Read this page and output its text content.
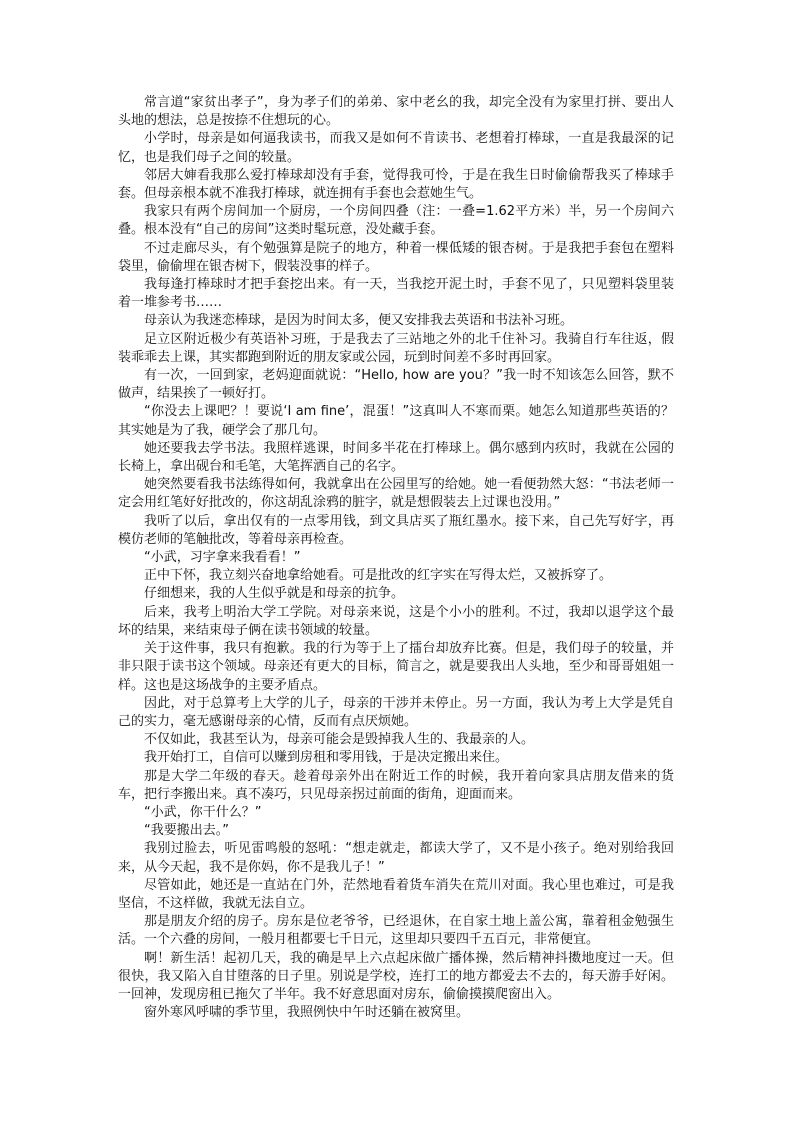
常言道“家贫出孝子”，身为孝子们的弟弟、家中老幺的我，却完全没有为家里打拼、要出人头地的想法，总是按捺不住想玩的心。

小学时，母亲是如何逼我读书，而我又是如何不肯读书、老想着打棒球，一直是我最深的记忆，也是我们母子之间的较量。

邻居大婶看我那么爱打棒球却没有手套，觉得我可怜，于是在我生日时偷偷帮我买了棒球手套。但母亲根本就不准我打棒球，就连拥有手套也会惹她生气。

我家只有两个房间加一个厨房，一个房间四叠（注：一叠=1.62平方米）半，另一个房间六叠。根本没有“自己的房间”这类时髦玩意，没处藏手套。

不过走廊尽头，有个勉强算是院子的地方，种着一棵低矮的银杏树。于是我把手套包在塑料袋里，偷偷埋在银杏树下，假装没事的样子。

我每逢打棒球时才把手套挖出来。有一天，当我挖开泥土时，手套不见了，只见塑料袋里装着一堆参考书……

母亲认为我迷恋棒球，是因为时间太多，便又安排我去英语和书法补习班。

足立区附近极少有英语补习班，于是我去了三站地之外的北千住补习。我骑自行车往返，假装乖乖去上课，其实都跑到附近的朋友家或公园，玩到时间差不多时再回家。

有一次，一回到家，老妈迎面就说：“Hello, how are you？”我一时不知该怎么回答，默不做声，结果挨了一顿好打。

“你没去上课吧？！要说‘I am fine’，混蛋！”这真叫人不寒而栗。她怎么知道那些英语的？其实她是为了我，硬学会了那几句。

她还要我去学书法。我照样逃课，时间多半花在打棒球上。偶尔感到内疚时，我就在公园的长椅上，拿出砚台和毛笔，大笔挥洒自己的名字。

她突然要看我书法练得如何，我就拿出在公园里写的给她。她一看便勃然大怒：“书法老师一定会用红笔好好批改的，你这胡乱涂鸦的脏字，就是想假装去上过课也没用。”

我听了以后，拿出仅有的一点零用钱，到文具店买了瓶红墨水。接下来，自己先写好字，再模仿老师的笔触批改，等着母亲再检查。

“小武，习字拿来我看看！”

正中下怀，我立刻兴奋地拿给她看。可是批改的红字实在写得太烂，又被拆穿了。

仔细想来，我的人生似乎就是和母亲的抗争。

后来，我考上明治大学工学院。对母亲来说，这是个小小的胜利。不过，我却以退学这个最坏的结果，来结束母子俩在读书领域的较量。

关于这件事，我只有抱歉。我的行为等于上了擂台却放弃比赛。但是，我们母子的较量，并非只限于读书这个领域。母亲还有更大的目标，简言之，就是要我出人头地，至少和哥哥姐姐一样。这也是这场战争的主要矛盾点。

因此，对于总算考上大学的儿子，母亲的干涉并未停止。另一方面，我认为考上大学是凭自己的实力，毫无感谢母亲的心情，反而有点厌烦她。

不仅如此，我甚至认为，母亲可能会是毁掉我人生的、我最亲的人。

我开始打工，自信可以赚到房租和零用钱，于是决定搬出来住。

那是大学二年级的春天。趁着母亲外出在附近工作的时候，我开着向家具店朋友借来的货车，把行李搬出来。真不凑巧，只见母亲拐过前面的街角，迎面而来。

“小武，你干什么？”

“我要搬出去。”

我别过脸去，听见雷鸣般的怒吼：“想走就走，都读大学了，又不是小孩子。绝对别给我回来，从今天起，我不是你妈，你不是我儿子！”

尽管如此，她还是一直站在门外，茫然地看着货车消失在荒川对面。我心里也难过，可是我坚信，不这样做，我就无法自立。

那是朋友介绍的房子。房东是位老爷爷，已经退休，在自家土地上盖公寓，靠着租金勉强生活。一个六叠的房间，一般月租都要七千日元，这里却只要四千五百元，非常便宜。

啊！新生活！起初几天，我的确是早上六点起床做广播体操，然后精神抖擞地度过一天。但很快，我又陷入自甘堕落的日子里。别说是学校，连打工的地方都爱去不去的，每天游手好闲。一回神，发现房租已拖欠了半年。我不好意思面对房东，偷偷摸摸爬窗出入。

窗外寒风呼啸的季节里，我照例快中午时还躺在被窝里。
